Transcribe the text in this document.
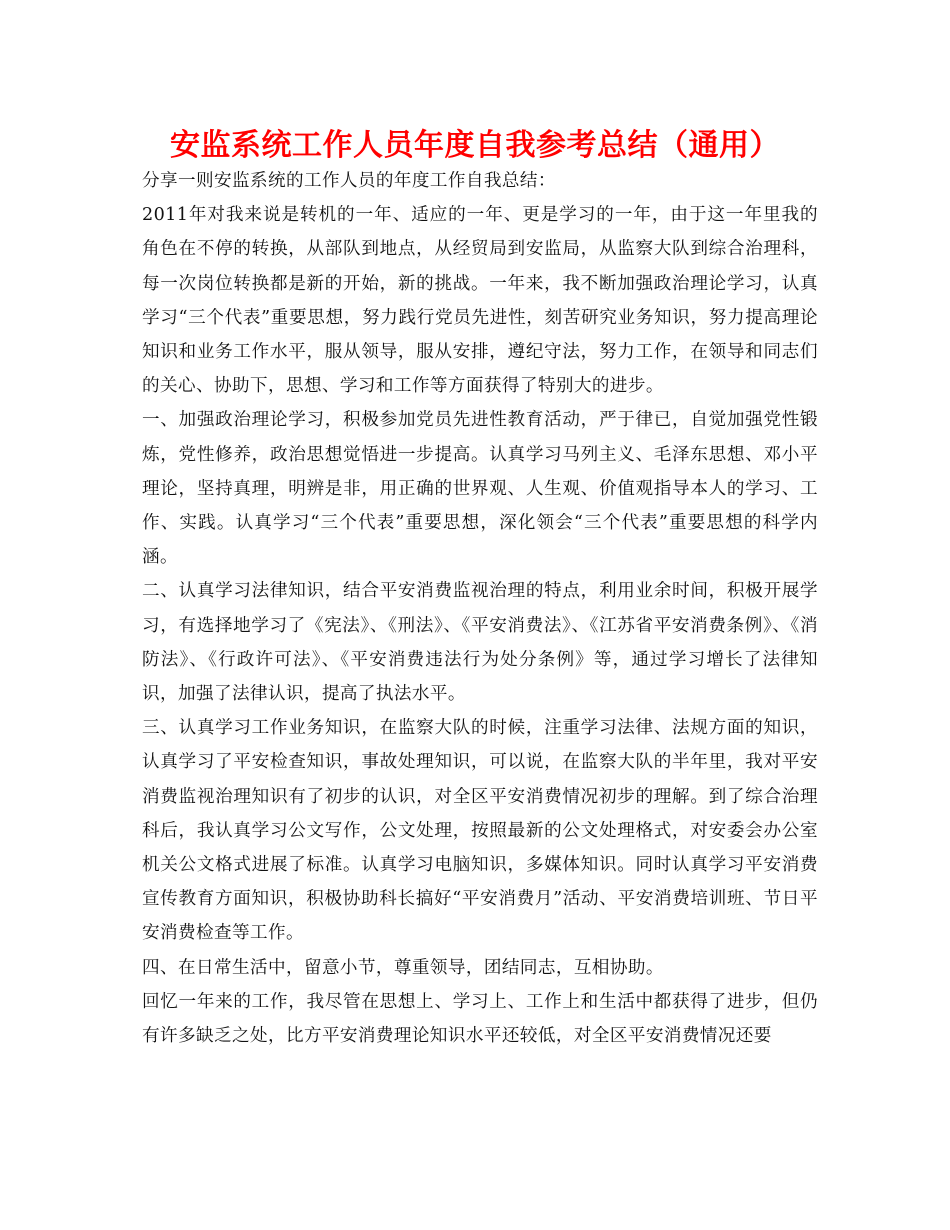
安监系统工作人员年度自我参考总结（通用）

分享一则安监系统的工作人员的年度工作自我总结：

2011年对我来说是转机的一年、适应的一年、更是学习的一年，由于这一年里我的角色在不停的转换，从部队到地点，从经贸局到安监局，从监察大队到综合治理科，每一次岗位转换都是新的开始，新的挑战。一年来，我不断加强政治理论学习，认真学习“三个代表”重要思想，努力践行党员先进性，刻苦研究业务知识，努力提高理论知识和业务工作水平，服从领导，服从安排，遵纪守法，努力工作，在领导和同志们的关心、协助下，思想、学习和工作等方面获得了特别大的进步。

一、加强政治理论学习，积极参加党员先进性教育活动，严于律已，自觉加强党性锻炼，党性修养，政治思想觉悟进一步提高。认真学习马列主义、毛泽东思想、邓小平理论，坚持真理，明辨是非，用正确的世界观、人生观、价值观指导本人的学习、工作、实践。认真学习“三个代表”重要思想，深化领会“三个代表”重要思想的科学内涵。

二、认真学习法律知识，结合平安消费监视治理的特点，利用业余时间，积极开展学习，有选择地学习了《宪法》、《刑法》、《平安消费法》、《江苏省平安消费条例》、《消防法》、《行政许可法》、《平安消费违法行为处分条例》等，通过学习增长了法律知识，加强了法律认识，提高了执法水平。

三、认真学习工作业务知识，在监察大队的时候，注重学习法律、法规方面的知识，认真学习了平安检查知识，事故处理知识，可以说，在监察大队的半年里，我对平安消费监视治理知识有了初步的认识，对全区平安消费情况初步的理解。到了综合治理科后，我认真学习公文写作，公文处理，按照最新的公文处理格式，对安委会办公室机关公文格式进展了标准。认真学习电脑知识，多媒体知识。同时认真学习平安消费宣传教育方面知识，积极协助科长搞好“平安消费月”活动、平安消费培训班、节日平安消费检查等工作。

四、在日常生活中，留意小节，尊重领导，团结同志，互相协助。

回忆一年来的工作，我尽管在思想上、学习上、工作上和生活中都获得了进步，但仍有许多缺乏之处，比方平安消费理论知识水平还较低，对全区平安消费情况还要
